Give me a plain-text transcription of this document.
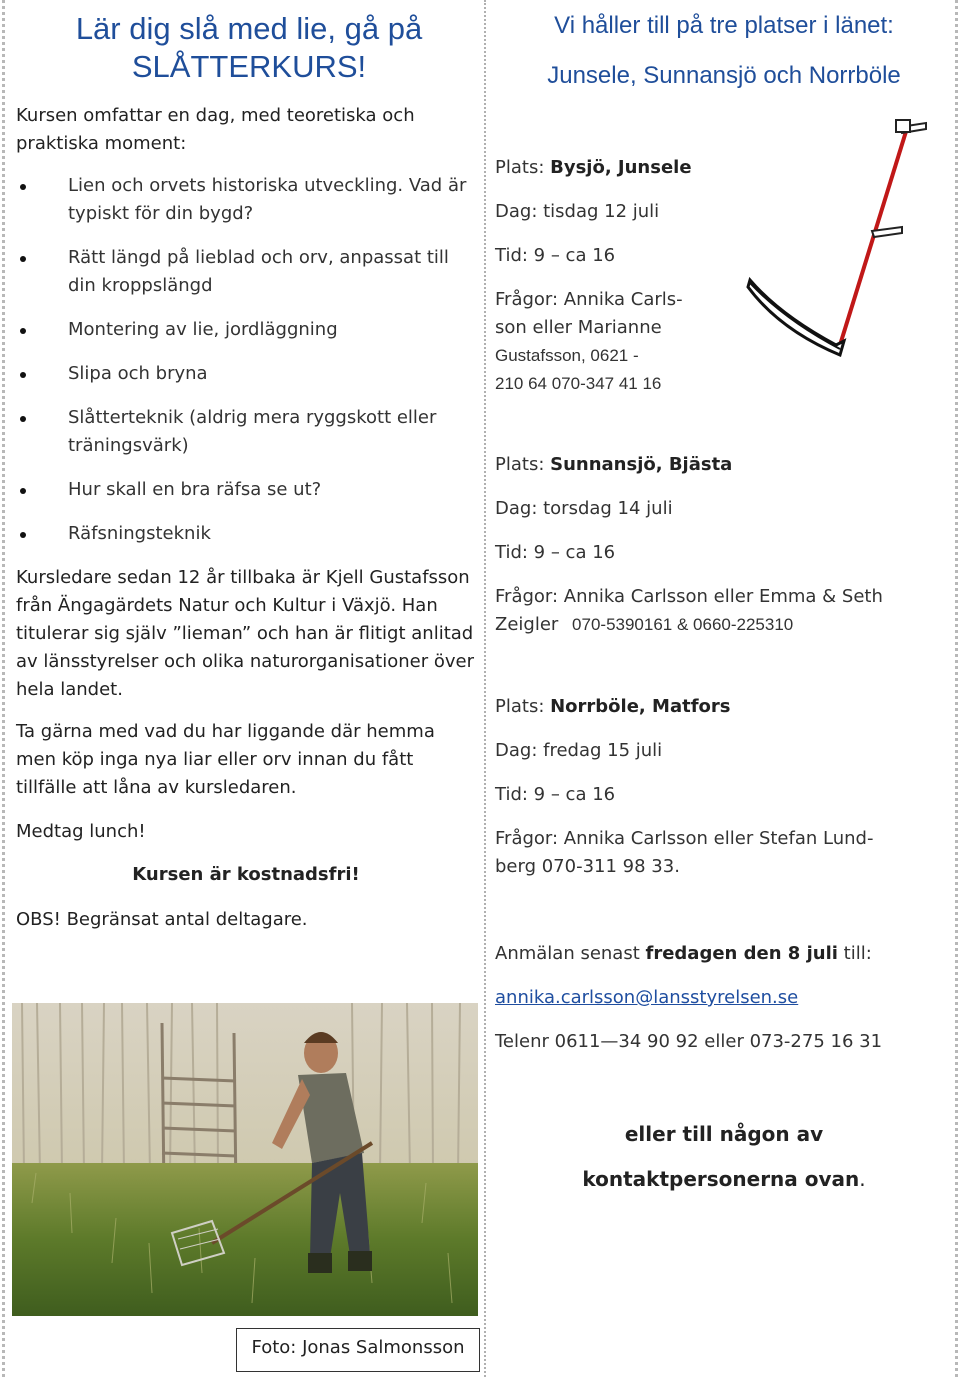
Lär dig slå med lie, gå på
SLÅTTERKURS!
Kursen omfattar en dag, med teoretiska och praktiska moment:
Lien och orvets historiska utveckling. Vad är typiskt för din bygd?
Rätt längd på lieblad och orv, anpassat till din kroppslängd
Montering av lie, jordläggning
Slipa och bryna
Slåtterteknik (aldrig mera ryggskott eller träningsvärk)
Hur skall en bra räfsa se ut?
Räfsningsteknik
Kursledare sedan 12 år tillbaka är Kjell Gustafsson från Ängagärdets Natur och Kultur i Växjö. Han titulerar sig själv ”lieman” och han är flitigt anlitad av länsstyrelser och olika naturorganisationer över hela landet.
Ta gärna med vad du har liggande där hemma men köp inga nya liar eller orv innan du fått tillfälle att låna av kursledaren.
Medtag lunch!
Kursen är kostnadsfri!
OBS! Begränsat antal deltagare.
Foto: Jonas Salmonsson
Vi håller till på tre platser i länet:
Junsele, Sunnansjö och Norrböle
Plats: Bysjö, Junsele
Dag: tisdag 12 juli
Tid: 9 – ca 16
Frågor: Annika Carls-
son eller Marianne
Gustafsson, 0621 -
210 64 070-347 41 16
Plats: Sunnansjö, Bjästa
Dag: torsdag 14 juli
Tid: 9 – ca 16
Frågor: Annika Carlsson eller Emma & Seth
Zeigler 070-5390161 & 0660-225310
Plats: Norrböle, Matfors
Dag: fredag 15 juli
Tid: 9 – ca 16
Frågor: Annika Carlsson eller Stefan Lund-
berg 070-311 98 33.
Anmälan senast fredagen den 8 juli till:
annika.carlsson@lansstyrelsen.se
Telenr 0611—34 90 92 eller 073-275 16 31
eller till någon av
kontaktpersonerna ovan.
